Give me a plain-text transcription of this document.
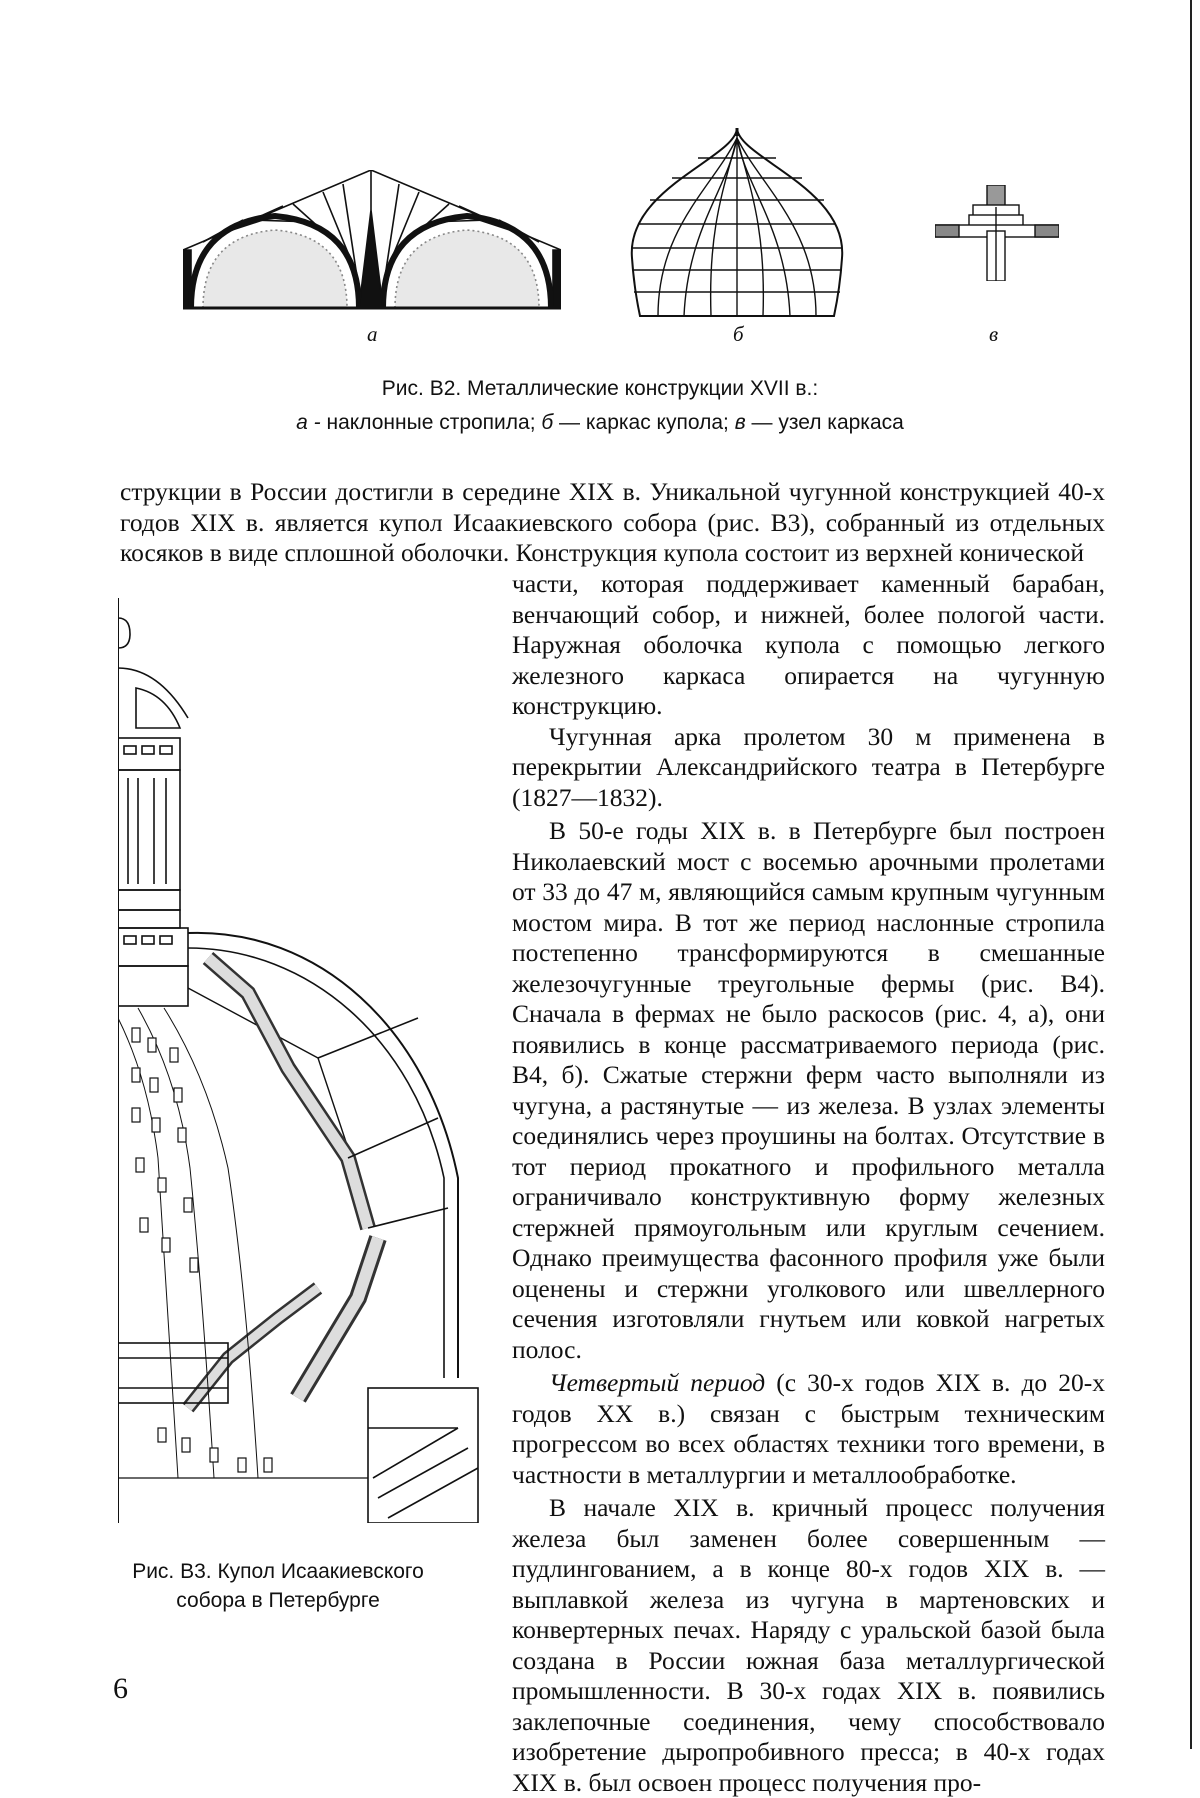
а	б	в
Рис. В2. Металлические конструкции XVII в.:
а - наклонные стропила; б — каркас купола; в — узел каркаса
струкции в России достигли в середине XIX в. Уникальной чугунной конструкцией 40-х годов XIX в. является купол Исаакиевского собора (рис. В3), собранный из отдельных косяков в виде сплошной оболочки. Конструкция купола состоит из верхней конической

части, которая поддерживает каменный барабан, венчающий собор, и нижней, более пологой части. Наружная оболочка купола с помощью легкого железного каркаса опирается на чугунную конструкцию.

Чугунная арка пролетом 30 м применена в перекрытии Александрийского театра в Петербурге (1827—1832).

В 50-е годы XIX в. в Петербурге был построен Николаевский мост с восемью арочными пролетами от 33 до 47 м, являющийся самым крупным чугунным мостом мира. В тот же период наслонные стропила постепенно трансформируются в смешанные железочугунные треугольные фермы (рис. В4). Сначала в фермах не было раскосов (рис. 4, а), они появились в конце рассматриваемого периода (рис. В4, б). Сжатые стержни ферм часто выполняли из чугуна, а растянутые — из железа. В узлах элементы соединялись через проушины на болтах. Отсутствие в тот период прокатного и профильного металла ограничивало конструктивную форму железных стержней прямоугольным или круглым сечением. Однако преимущества фасонного профиля уже были оценены и стержни уголкового или швеллерного сечения изготовляли гнутьем или ковкой нагретых полос.

Четвертый период (с 30-х годов XIX в. до 20-х годов XX в.) связан с быстрым техническим прогрессом во всех областях техники того времени, в частности в металлургии и металлообработке.

В начале XIX в. кричный процесс получения железа был заменен более совершенным — пудлингованием, а в конце 80-х годов XIX в. — выплавкой железа из чугуна в мартеновских и конвертерных печах. Наряду с уральской базой была создана в России южная база металлургической промышленности. В 30-х годах XIX в. появились заклепочные соединения, чему способствовало изобретение дыропробивного пресса; в 40-х годах XIX в. был освоен процесс получения про-

Рис. В3. Купол Исаакиевского
собора в Петербурге
6
